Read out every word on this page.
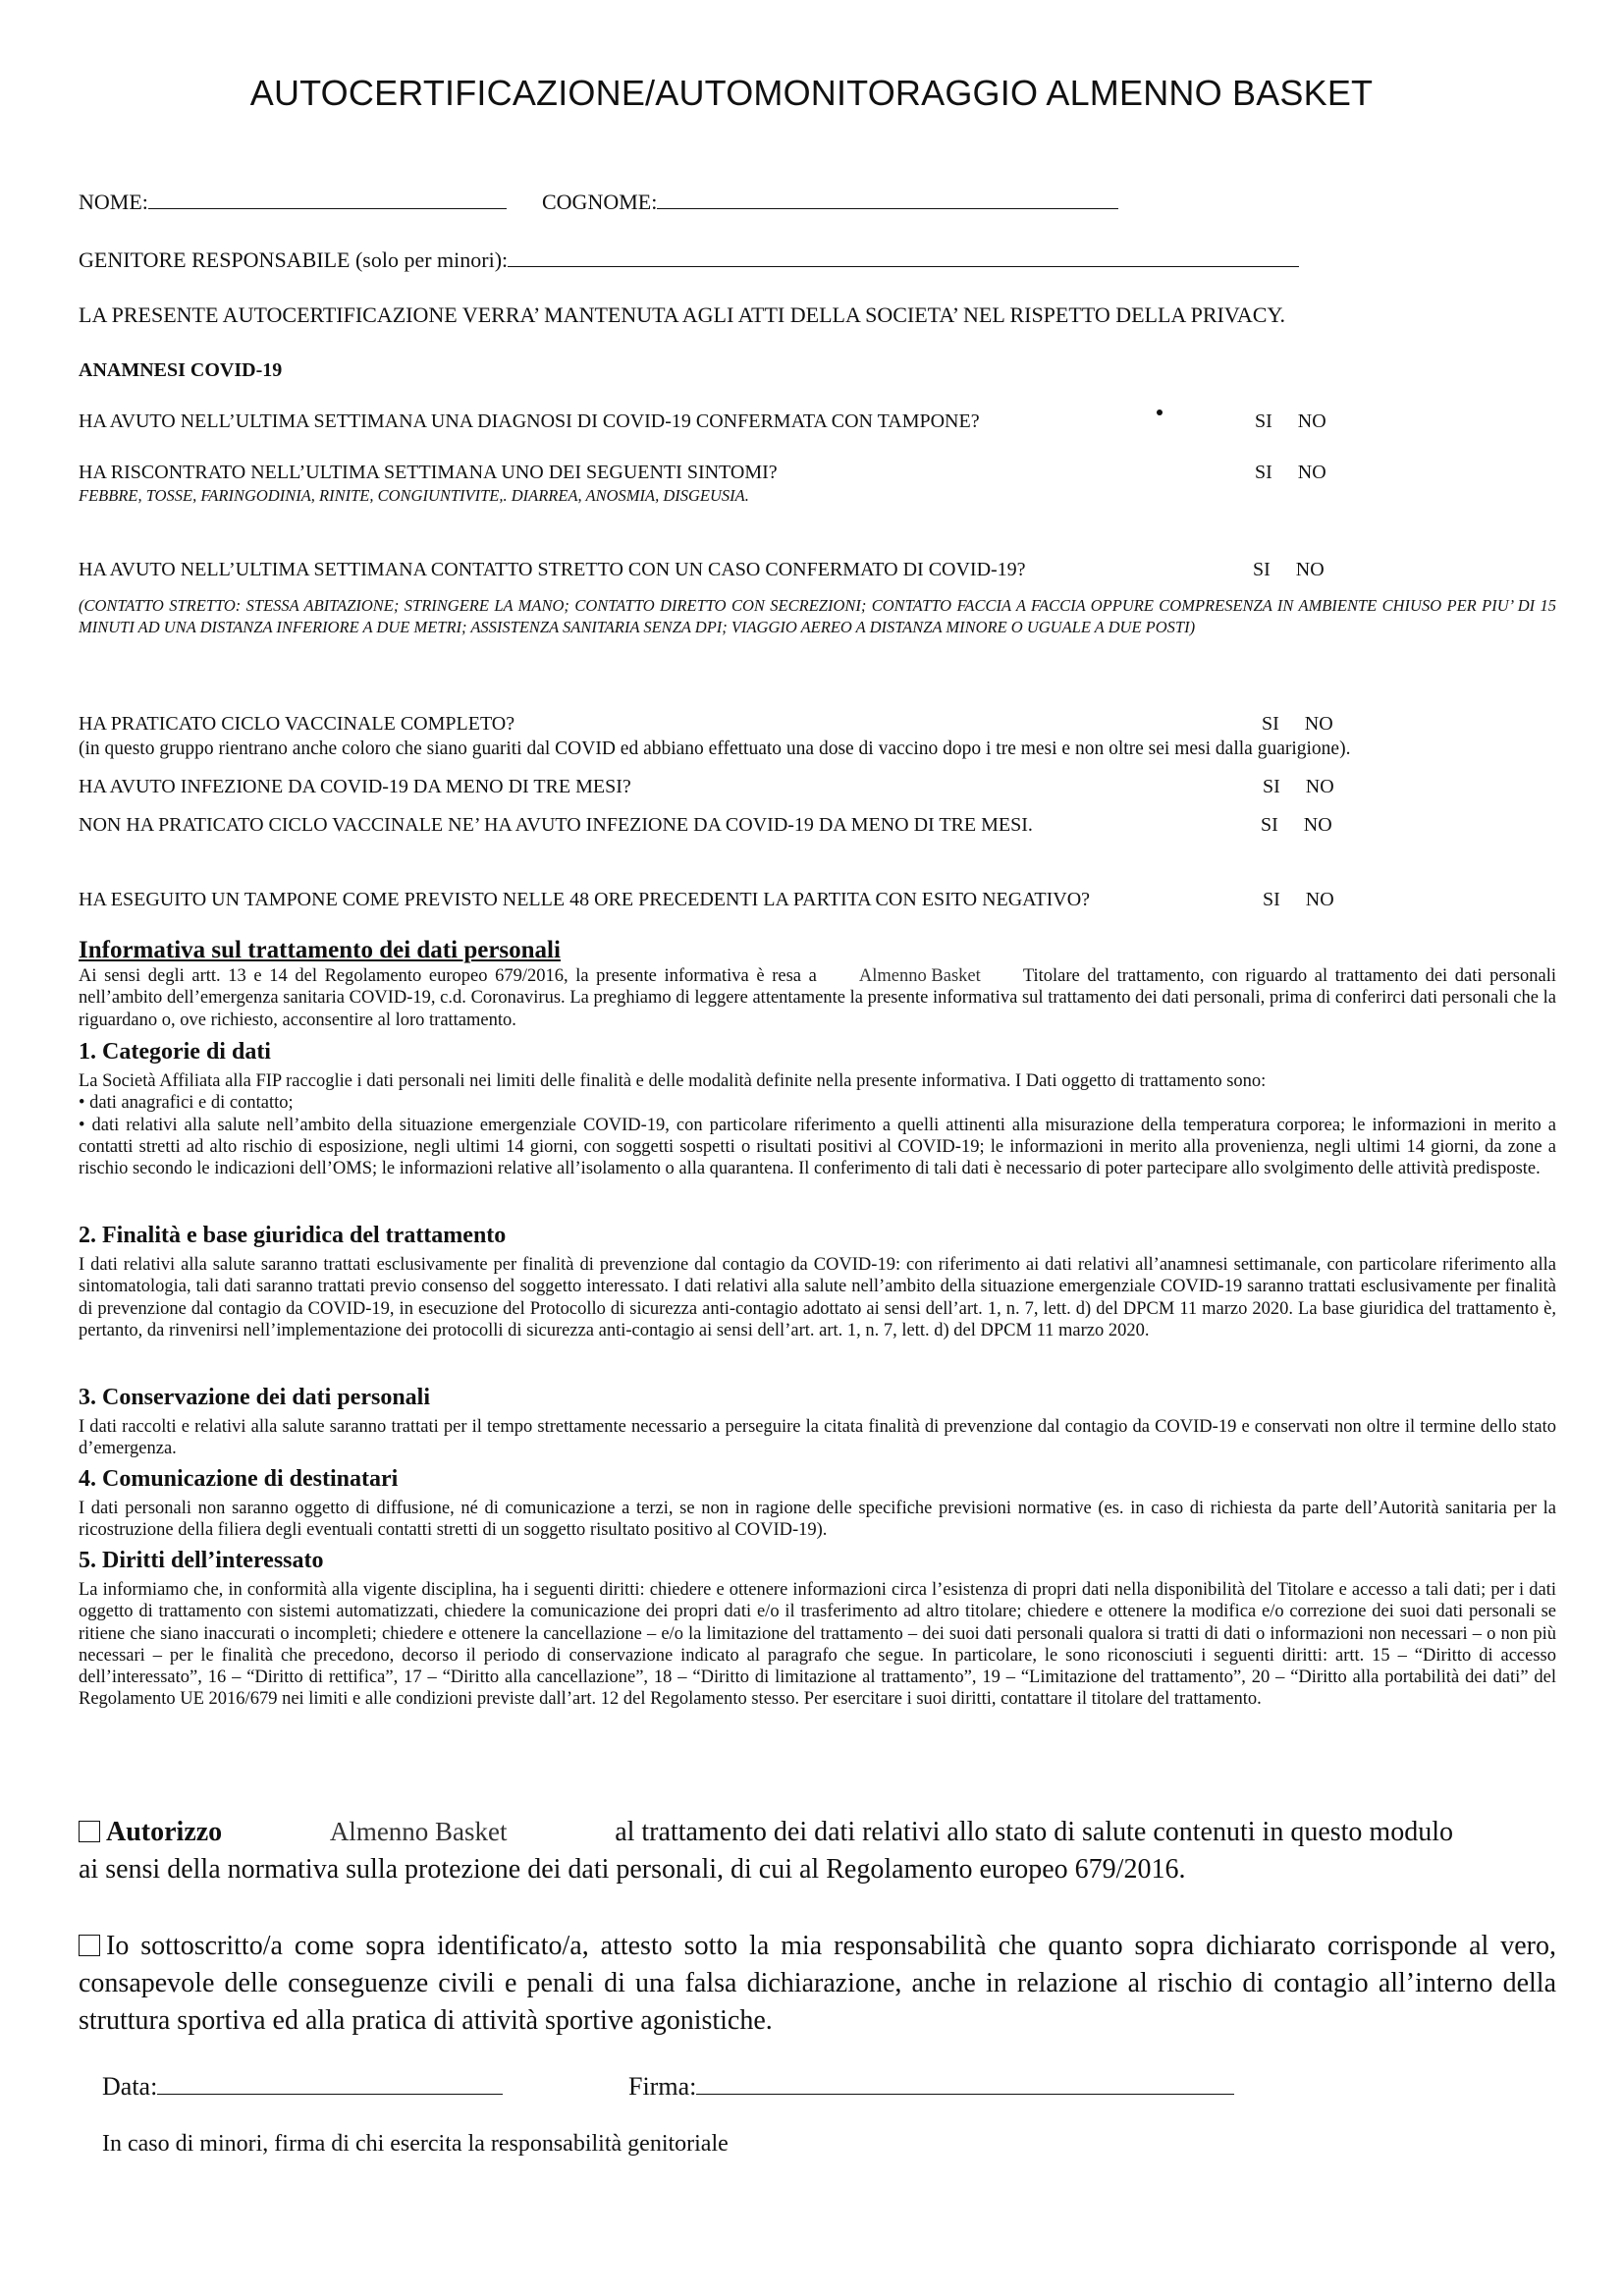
AUTOCERTIFICAZIONE/AUTOMONITORAGGIO ALMENNO BASKET
NOME:	COGNOME:
GENITORE RESPONSABILE (solo per minori):
LA PRESENTE AUTOCERTIFICAZIONE VERRA’ MANTENUTA AGLI ATTI DELLA SOCIETA’ NEL RISPETTO DELLA PRIVACY.
ANAMNESI COVID-19
HA AVUTO NELL’ULTIMA SETTIMANA UNA DIAGNOSI DI COVID-19 CONFERMATA CON TAMPONE?	SI NO
HA RISCONTRATO NELL’ULTIMA SETTIMANA UNO DEI SEGUENTI SINTOMI?	SI NO
FEBBRE, TOSSE, FARINGODINIA, RINITE, CONGIUNTIVITE,. DIARREA, ANOSMIA, DISGEUSIA.
HA AVUTO NELL’ULTIMA SETTIMANA CONTATTO STRETTO CON UN CASO CONFERMATO DI COVID-19?	SI NO
(CONTATTO STRETTO: STESSA ABITAZIONE; STRINGERE LA MANO; CONTATTO DIRETTO CON SECREZIONI; CONTATTO FACCIA A FACCIA OPPURE COMPRESENZA IN AMBIENTE CHIUSO PER PIU’ DI 15 MINUTI AD UNA DISTANZA INFERIORE A DUE METRI; ASSISTENZA SANITARIA SENZA DPI; VIAGGIO AEREO A DISTANZA MINORE O UGUALE A DUE POSTI)
HA PRATICATO CICLO VACCINALE COMPLETO?	SI NO
(in questo gruppo rientrano anche coloro che siano guariti dal COVID ed abbiano effettuato una dose di vaccino dopo i tre mesi e non oltre sei mesi dalla guarigione).
HA AVUTO INFEZIONE DA COVID-19 DA MENO DI TRE MESI?	SI NO
NON HA PRATICATO CICLO VACCINALE NE’ HA AVUTO INFEZIONE DA COVID-19 DA MENO DI TRE MESI.	SI NO
HA ESEGUITO UN TAMPONE COME PREVISTO NELLE 48 ORE PRECEDENTI LA PARTITA CON ESITO NEGATIVO?	SI NO
Informativa sul trattamento dei dati personali

Ai sensi degli artt. 13 e 14 del Regolamento europeo 679/2016, la presente informativa è resa a Almenno Basket Titolare del trattamento, con riguardo al trattamento dei dati personali nell’ambito dell’emergenza sanitaria COVID-19, c.d. Coronavirus. La preghiamo di leggere attentamente la presente informativa sul trattamento dei dati personali, prima di conferirci dati personali che la riguardano o, ove richiesto, acconsentire al loro trattamento.

1. Categorie di dati

La Società Affiliata alla FIP raccoglie i dati personali nei limiti delle finalità e delle modalità definite nella presente informativa. I Dati oggetto di trattamento sono:

• dati anagrafici e di contatto;

• dati relativi alla salute nell’ambito della situazione emergenziale COVID-19, con particolare riferimento a quelli attinenti alla misurazione della temperatura corporea; le informazioni in merito a contatti stretti ad alto rischio di esposizione, negli ultimi 14 giorni, con soggetti sospetti o risultati positivi al COVID-19; le informazioni in merito alla provenienza, negli ultimi 14 giorni, da zone a rischio secondo le indicazioni dell’OMS; le informazioni relative all’isolamento o alla quarantena. Il conferimento di tali dati è necessario di poter partecipare allo svolgimento delle attività predisposte.

2. Finalità e base giuridica del trattamento

I dati relativi alla salute saranno trattati esclusivamente per finalità di prevenzione dal contagio da COVID-19: con riferimento ai dati relativi all’anamnesi settimanale, con particolare riferimento alla sintomatologia, tali dati saranno trattati previo consenso del soggetto interessato. I dati relativi alla salute nell’ambito della situazione emergenziale COVID-19 saranno trattati esclusivamente per finalità di prevenzione dal contagio da COVID-19, in esecuzione del Protocollo di sicurezza anti-contagio adottato ai sensi dell’art. 1, n. 7, lett. d) del DPCM 11 marzo 2020. La base giuridica del trattamento è, pertanto, da rinvenirsi nell’implementazione dei protocolli di sicurezza anti-contagio ai sensi dell’art. art. 1, n. 7, lett. d) del DPCM 11 marzo 2020.

3. Conservazione dei dati personali

I dati raccolti e relativi alla salute saranno trattati per il tempo strettamente necessario a perseguire la citata finalità di prevenzione dal contagio da COVID-19 e conservati non oltre il termine dello stato d’emergenza.

4. Comunicazione di destinatari

I dati personali non saranno oggetto di diffusione, né di comunicazione a terzi, se non in ragione delle specifiche previsioni normative (es. in caso di richiesta da parte dell’Autorità sanitaria per la ricostruzione della filiera degli eventuali contatti stretti di un soggetto risultato positivo al COVID-19).

5. Diritti dell’interessato

La informiamo che, in conformità alla vigente disciplina, ha i seguenti diritti: chiedere e ottenere informazioni circa l’esistenza di propri dati nella disponibilità del Titolare e accesso a tali dati; per i dati oggetto di trattamento con sistemi automatizzati, chiedere la comunicazione dei propri dati e/o il trasferimento ad altro titolare; chiedere e ottenere la modifica e/o correzione dei suoi dati personali se ritiene che siano inaccurati o incompleti; chiedere e ottenere la cancellazione – e/o la limitazione del trattamento – dei suoi dati personali qualora si tratti di dati o informazioni non necessari – o non più necessari – per le finalità che precedono, decorso il periodo di conservazione indicato al paragrafo che segue. In particolare, le sono riconosciuti i seguenti diritti: artt. 15 – “Diritto di accesso dell’interessato”, 16 – “Diritto di rettifica”, 17 – “Diritto alla cancellazione”, 18 – “Diritto di limitazione al trattamento”, 19 – “Limitazione del trattamento”, 20 – “Diritto alla portabilità dei dati” del Regolamento UE 2016/679 nei limiti e alle condizioni previste dall’art. 12 del Regolamento stesso. Per esercitare i suoi diritti, contattare il titolare del trattamento.

Autorizzo	Almenno Basket	al trattamento dei dati relativi allo stato di salute contenuti in questo modulo
ai sensi della normativa sulla protezione dei dati personali, di cui al Regolamento europeo 679/2016.
Io sottoscritto/a come sopra identificato/a, attesto sotto la mia responsabilità che quanto sopra dichiarato corrisponde al vero, consapevole delle conseguenze civili e penali di una falsa dichiarazione, anche in relazione al rischio di contagio all’interno della struttura sportiva ed alla pratica di attività sportive agonistiche.
Data:	Firma:
In caso di minori, firma di chi esercita la responsabilità genitoriale
